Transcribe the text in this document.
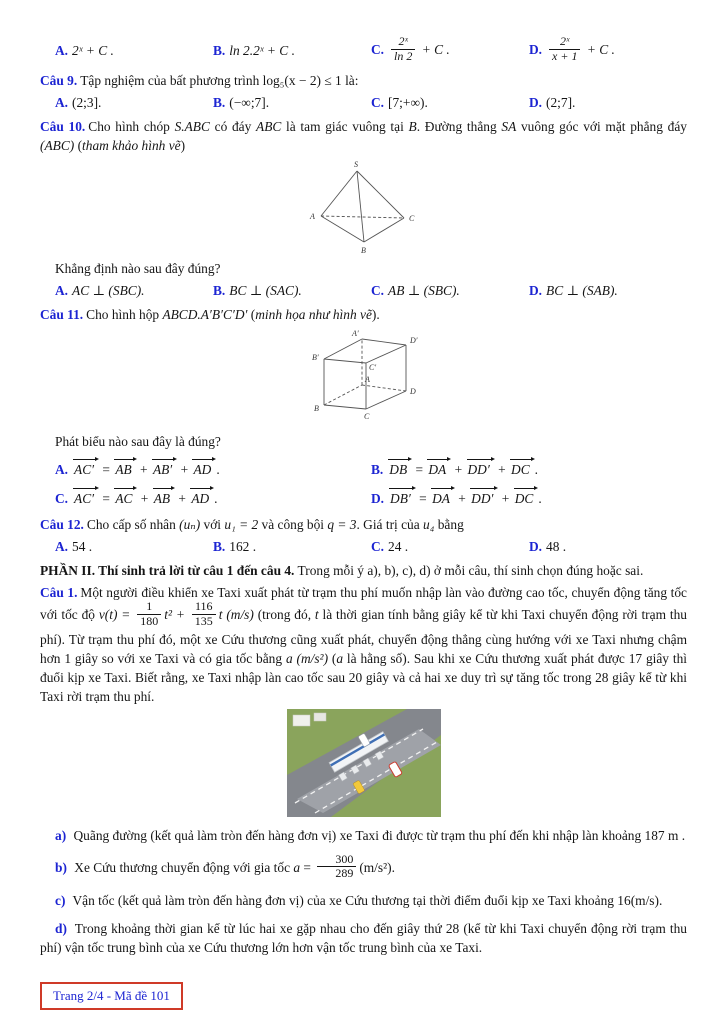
A. 2ˣ + C .	B. ln 2.2ˣ + C .	C. $\frac{\text{2ˣ}}{\ln 2} + C$ .	D. $\frac{\text{2ˣ}}{x + 1} + C$ .

Câu 9. Tập nghiệm của bất phương trình log₅(x − 2) ≤ 1 là:

A. (2;3].	B. (−∞;7].	C. [7;+∞).	D. (2;7].

Câu 10. Cho hình chóp S.ABC có đáy ABC là tam giác vuông tại B. Đường thẳng SA vuông góc với mặt phẳng đáy (ABC) (tham khảo hình vẽ)

S
A
B
C

Khẳng định nào sau đây đúng?

A. AC ⊥ (SBC).	B. BC ⊥ (SAC).	C. AB ⊥ (SBC).	D. BC ⊥ (SAB).

Câu 11. Cho hình hộp ABCD.A′B′C′D′ (minh họa như hình vẽ).

A′
D′
B′
C′
A
D
B
C

Phát biểu nào sau đây là đúng?

A. AC′ = AB + AB′ + AD .	B. DB = DA + DD′ + DC .
C. AC′ = AC + AB + AD .	D. DB′ = DA + DD′ + DC .

Câu 12. Cho cấp số nhân (uₙ) với u₁ = 2 và công bội q = 3. Giá trị của u₄ bằng

A. 54 .	B. 162 .	C. 24 .	D. 48 .

PHẦN II. Thí sinh trả lời từ câu 1 đến câu 4. Trong mỗi ý a), b), c), d) ở mỗi câu, thí sinh chọn đúng hoặc sai.

Câu 1. Một người điều khiển xe Taxi xuất phát từ trạm thu phí muốn nhập làn vào đường cao tốc, chuyển động tăng tốc với tốc độ $v(t) = \frac{1}{180} t^2 + \frac{116}{135}$ t (m/s) (trong đó, t là thời gian tính bằng giây kể từ khi Taxi chuyển động rời trạm thu phí). Từ trạm thu phí đó, một xe Cứu thương cũng xuất phát, chuyển động thẳng cùng hướng với xe Taxi nhưng chậm hơn 1 giây so với xe Taxi và có gia tốc bằng a (m/s²) (a là hằng số). Sau khi xe Cứu thương xuất phát được 17 giây thì đuổi kịp xe Taxi. Biết rằng, xe Taxi nhập làn cao tốc sau 20 giây và cả hai xe duy trì sự tăng tốc trong 28 giây kể từ khi Taxi rời trạm thu phí.

a) Quãng đường (kết quả làm tròn đến hàng đơn vị) xe Taxi đi được từ trạm thu phí đến khi nhập làn khoảng 187 m .

b) Xe Cứu thương chuyển động với gia tốc $a = \frac{300}{289} (m/s^2)$.

c) Vận tốc (kết quả làm tròn đến hàng đơn vị) của xe Cứu thương tại thời điểm đuổi kịp xe Taxi khoảng 16(m/s).

d) Trong khoảng thời gian kể từ lúc hai xe gặp nhau cho đến giây thứ 28 (kể từ khi Taxi chuyển động rời trạm thu phí) vận tốc trung bình của xe Cứu thương lớn hơn vận tốc trung bình của xe Taxi.

Trang 2/4 - Mã đề 101
